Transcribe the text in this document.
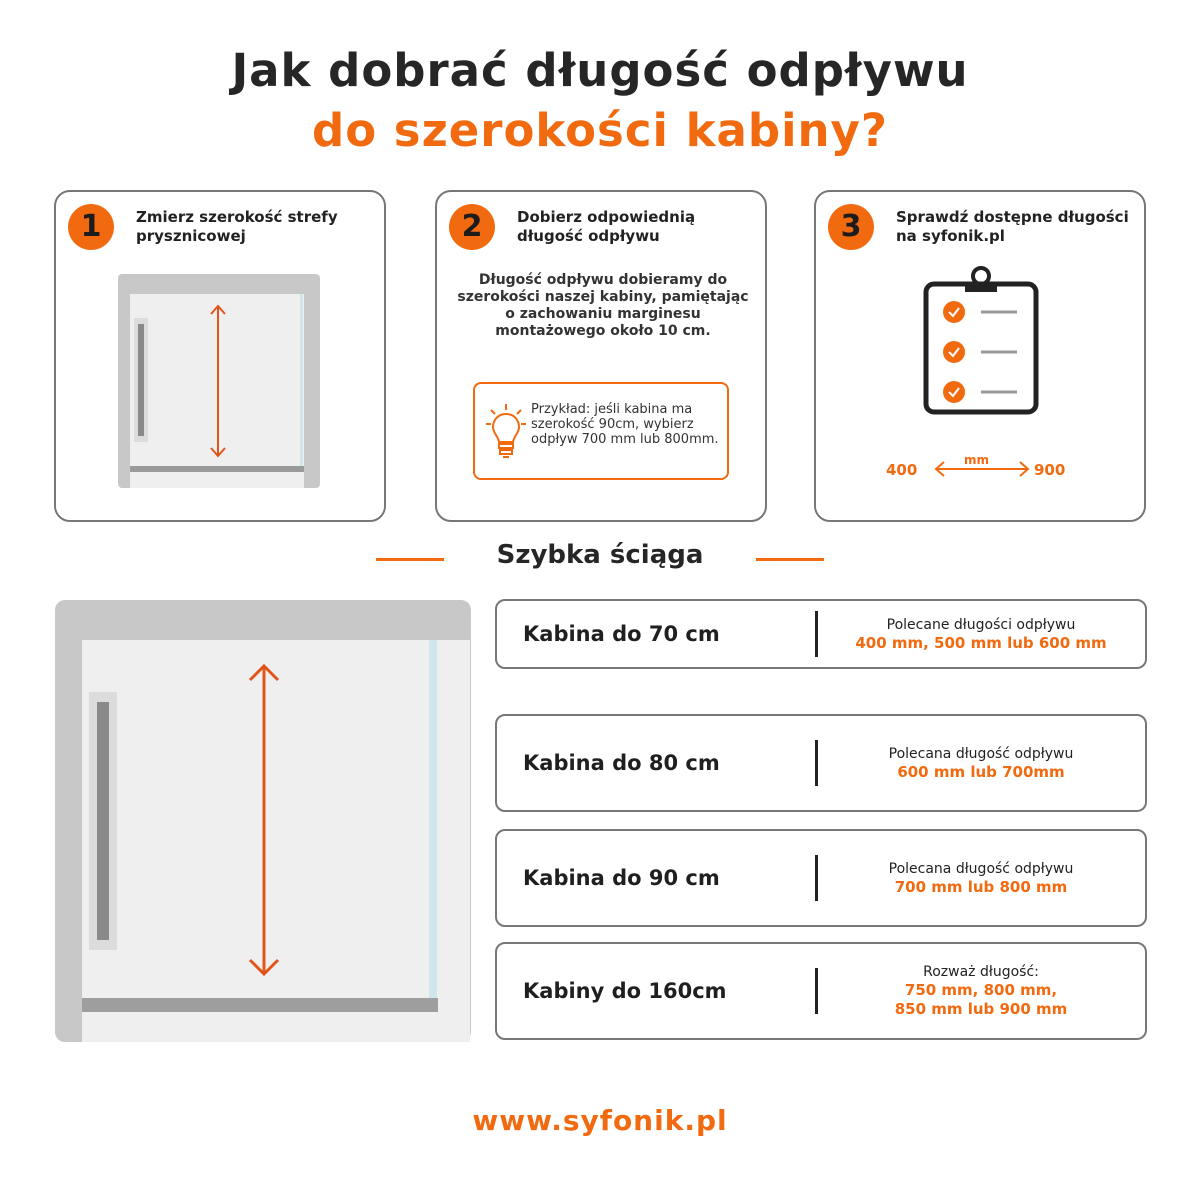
Jak dobrać długość odpływu
do szerokości kabiny?
1	Zmierz szerokość strefy prysznicowej	2	Dobierz odpowiednią długość odpływu
Długość odpływu dobieramy do szerokości naszej kabiny, pamiętając o zachowaniu marginesu montażowego około 10 cm.
Przykład: jeśli kabina ma szerokość 90cm, wybierz odpływ 700 mm lub 800mm.
3	Sprawdź dostępne długości na syfonik.pl
400
mm
900
Szybka ściąga
Kabina do 70 cm	Polecane długości odpływu
400 mm, 500 mm lub 600 mm
Kabina do 80 cm	Polecana długość odpływu
600 mm lub 700mm
Kabina do 90 cm	Polecana długość odpływu
700 mm lub 800 mm
Kabiny do 160cm
Rozważ długość:
750 mm, 800 mm,
850 mm lub 900 mm
www.syfonik.pl
